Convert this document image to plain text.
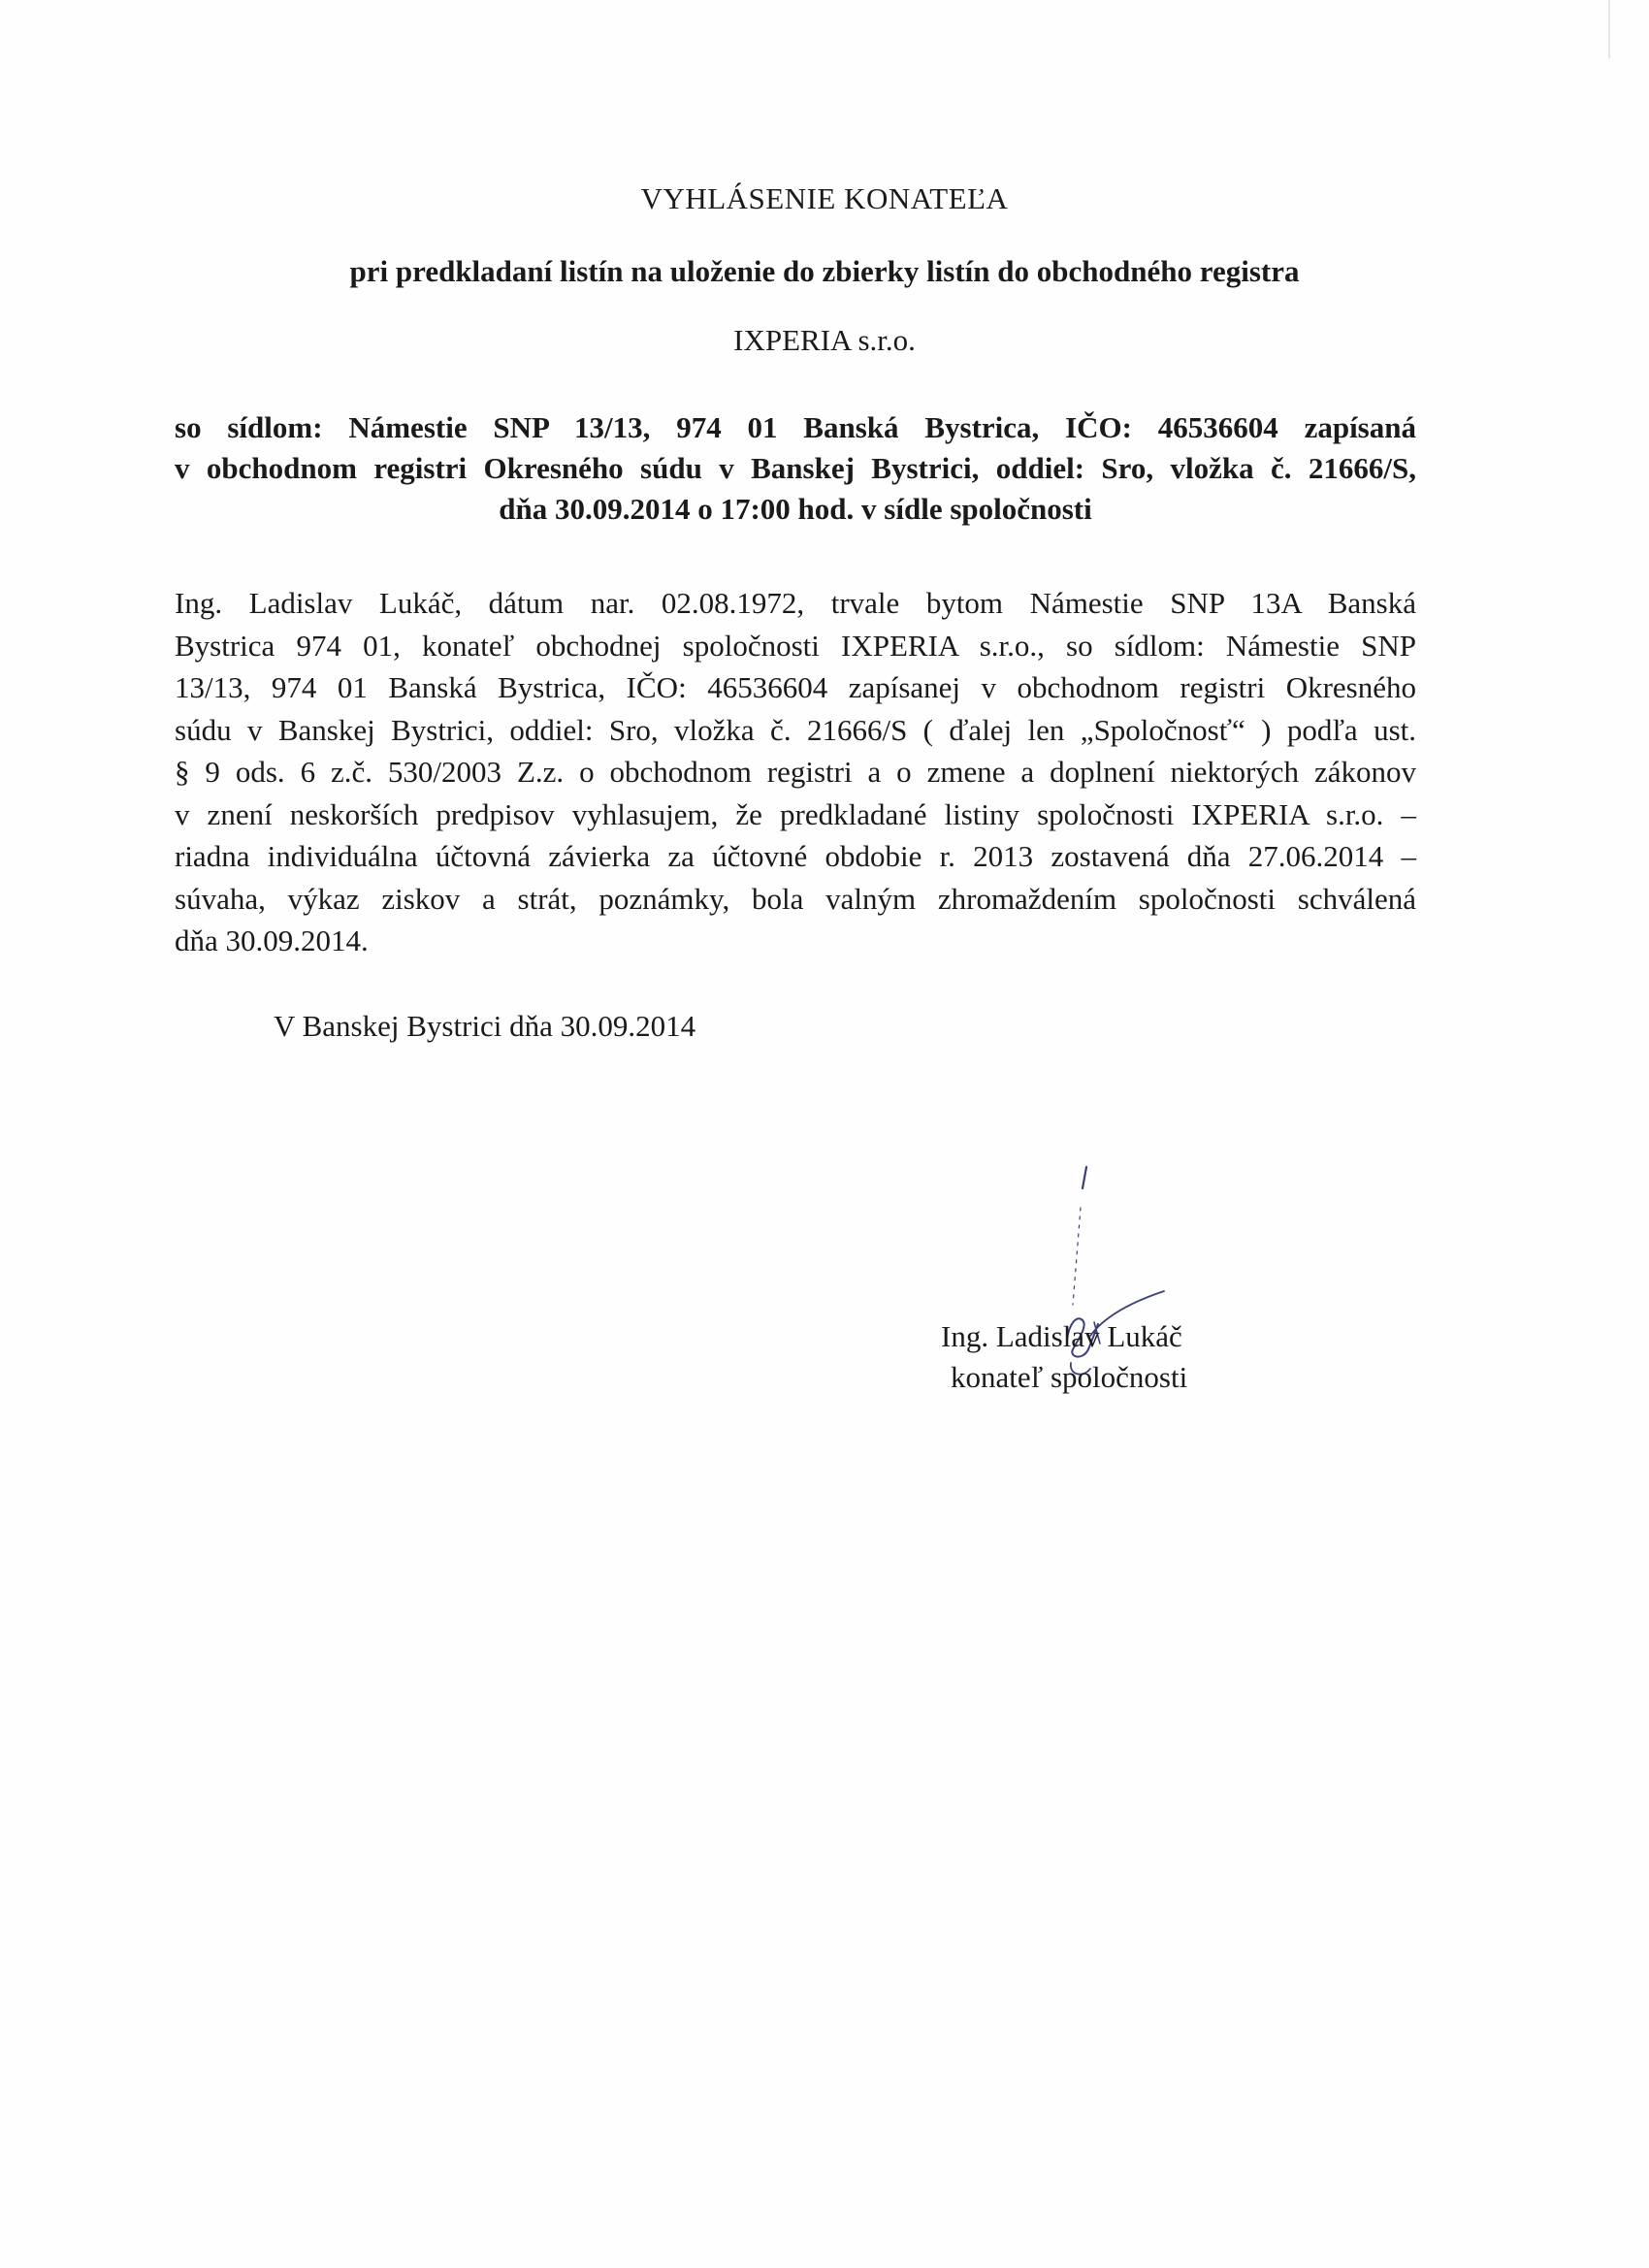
VYHLÁSENIE KONATEĽA
pri predkladaní listín na uloženie do zbierky listín do obchodného registra
IXPERIA s.r.o.
so sídlom: Námestie SNP 13/13, 974 01 Banská Bystrica, IČO: 46536604 zapísaná
v obchodnom registri Okresného súdu v Banskej Bystrici, oddiel: Sro, vložka č. 21666/S,
dňa 30.09.2014 o 17:00 hod. v sídle spoločnosti
Ing. Ladislav Lukáč, dátum nar. 02.08.1972, trvale bytom Námestie SNP 13A Banská
Bystrica 974 01, konateľ obchodnej spoločnosti IXPERIA s.r.o., so sídlom: Námestie SNP
13/13, 974 01 Banská Bystrica, IČO: 46536604 zapísanej v obchodnom registri Okresného
súdu v Banskej Bystrici, oddiel: Sro, vložka č. 21666/S ( ďalej len „Spoločnosť“ ) podľa ust.
§ 9 ods. 6 z.č. 530/2003 Z.z. o obchodnom registri a o zmene a doplnení niektorých zákonov
v znení neskorších predpisov vyhlasujem, že predkladané listiny spoločnosti IXPERIA s.r.o. –
riadna individuálna účtovná závierka za účtovné obdobie r. 2013 zostavená dňa 27.06.2014 –
súvaha, výkaz ziskov a strát, poznámky, bola valným zhromaždením spoločnosti schválená
dňa 30.09.2014.
V Banskej Bystrici dňa 30.09.2014
Ing. Ladislav Lukáč
konateľ spoločnosti
